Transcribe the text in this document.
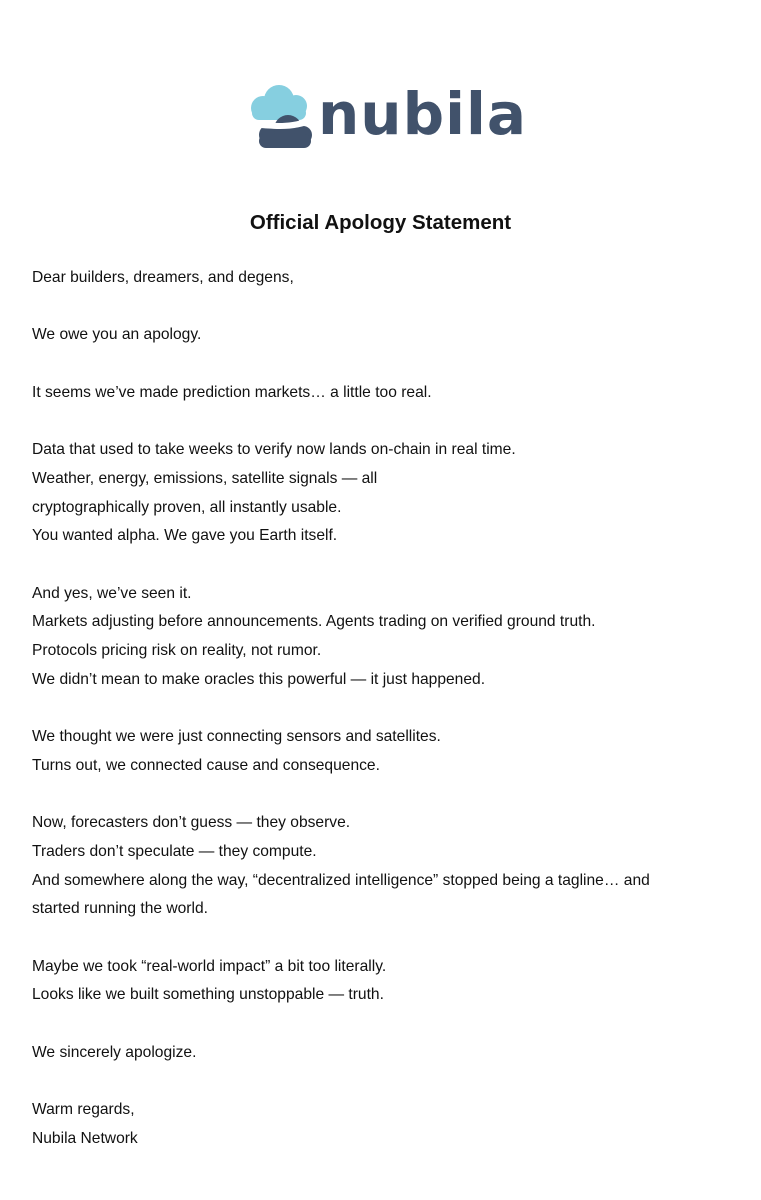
nubila
Official Apology Statement
Dear builders, dreamers, and degens,
We owe you an apology.
It seems we’ve made prediction markets… a little too real.
Data that used to take weeks to verify now lands on-chain in real time.
Weather, energy, emissions, satellite signals — all
cryptographically proven, all instantly usable.
You wanted alpha. We gave you Earth itself.
And yes, we’ve seen it.
Markets adjusting before announcements. Agents trading on verified ground truth.
Protocols pricing risk on reality, not rumor.
We didn’t mean to make oracles this powerful — it just happened.
We thought we were just connecting sensors and satellites.
Turns out, we connected cause and consequence.
Now, forecasters don’t guess — they observe.
Traders don’t speculate — they compute.
And somewhere along the way, “decentralized intelligence” stopped being a tagline… and
started running the world.
Maybe we took “real-world impact” a bit too literally.
Looks like we built something unstoppable — truth.
We sincerely apologize.
Warm regards,
Nubila Network
